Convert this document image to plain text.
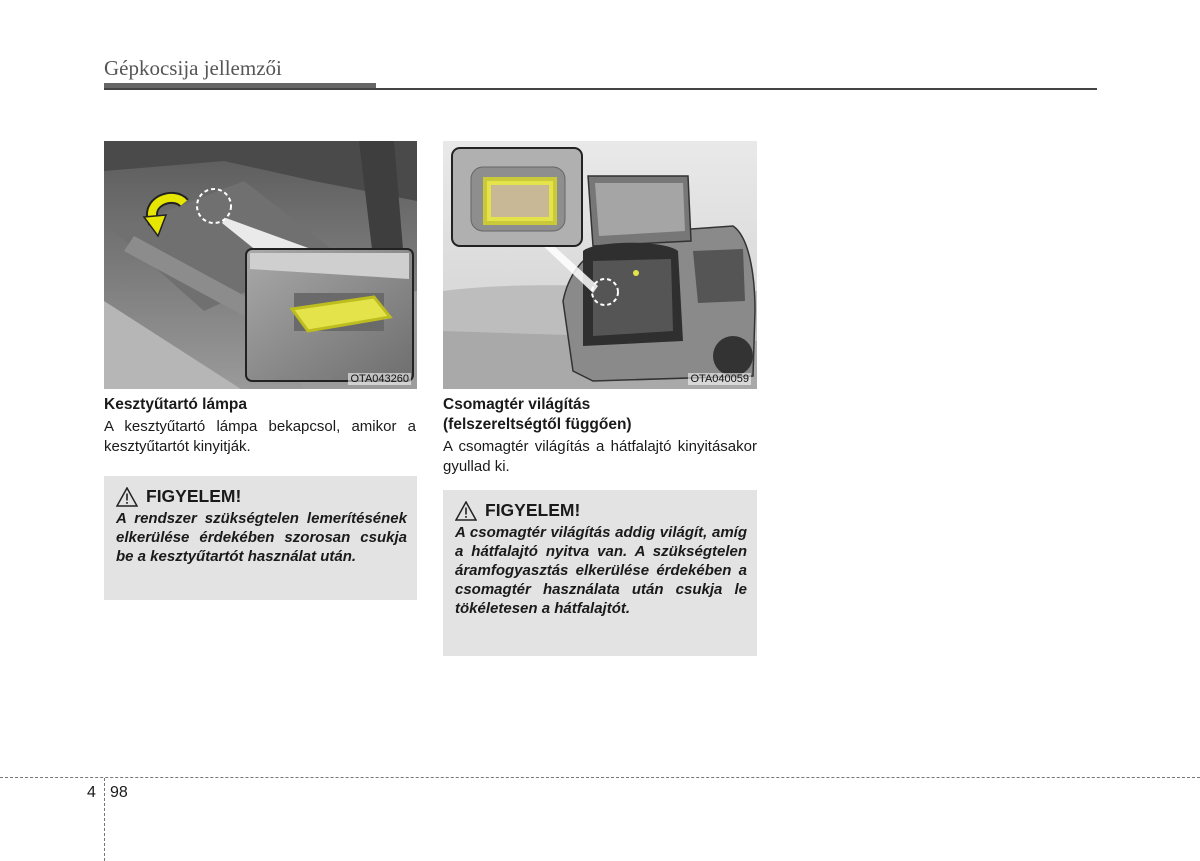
Gépkocsija jellemzői
OTA043260	OTA040059
Kesztyűtartó lámpa

A kesztyűtartó lámpa bekapcsol, amikor a kesztyűtartót kinyitják.

FIGYELEM!

A rendszer szükségtelen lemerítésének elkerülése érdekében szorosan csukja be a kesztyűtartót használat után.

Csomagtér világítás
(felszereltségtől függően)

A csomagtér világítás a hátfalajtó kinyitásakor gyullad ki.

FIGYELEM!

A csomagtér világítás addig világít, amíg a hátfalajtó nyitva van. A szükségtelen áramfogyasztás elkerülése érdekében a csomagtér használata után csukja le tökéletesen a hátfalajtót.

4 98
